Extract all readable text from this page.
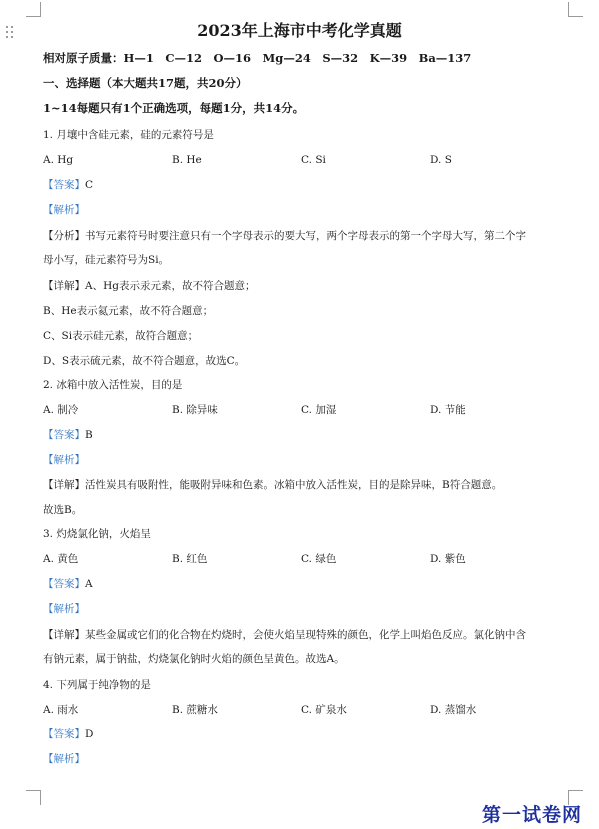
2023年上海市中考化学真题
相对原子质量：H—1　C—12　O—16　Mg—24　S—32　K—39　Ba—137
一、选择题（本大题共17题，共20分）
1~14每题只有1个正确选项，每题1分，共14分。
1. 月壤中含硅元素，硅的元素符号是
A. Hg	B. He	C. Si	D. S
【答案】C
【解析】
【分析】书写元素符号时要注意只有一个字母表示的要大写，两个字母表示的第一个字母大写，第二个字
母小写，硅元素符号为Si。
【详解】A、Hg表示汞元素，故不符合题意；
B、He表示氦元素，故不符合题意；
C、Si表示硅元素，故符合题意；
D、S表示硫元素，故不符合题意，故选C。
2. 冰箱中放入活性炭，目的是
A. 制冷	B. 除异味	C. 加湿	D. 节能
【答案】B
【解析】
【详解】活性炭具有吸附性，能吸附异味和色素。冰箱中放入活性炭，目的是除异味，B符合题意。
故选B。
3. 灼烧氯化钠，火焰呈
A. 黄色	B. 红色	C. 绿色	D. 紫色
【答案】A
【解析】
【详解】某些金属或它们的化合物在灼烧时，会使火焰呈现特殊的颜色，化学上叫焰色反应。氯化钠中含
有钠元素，属于钠盐，灼烧氯化钠时火焰的颜色呈黄色。故选A。
4. 下列属于纯净物的是
A. 雨水	B. 蔗糖水	C. 矿泉水	D. 蒸馏水
【答案】D
【解析】
第一试卷网
